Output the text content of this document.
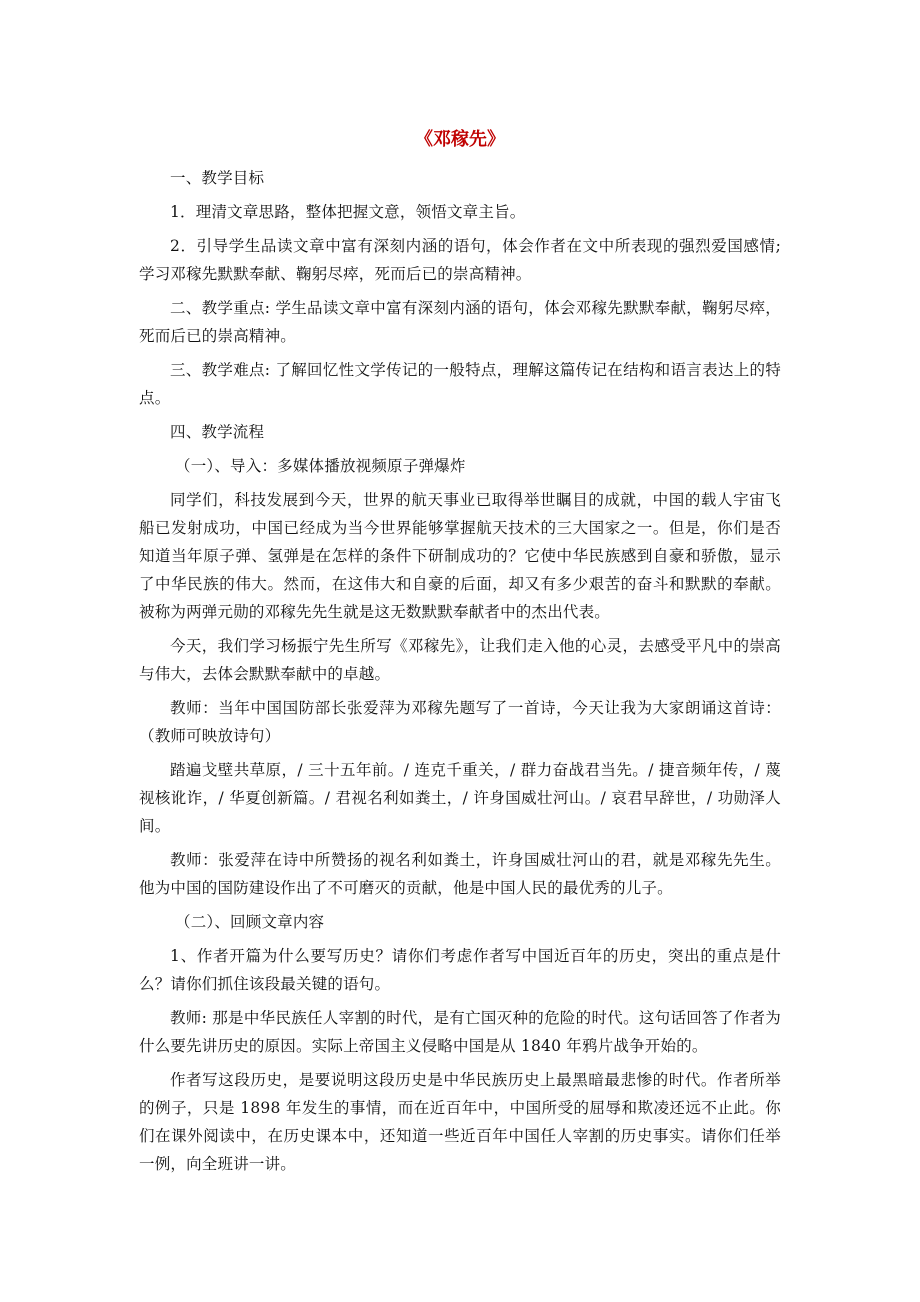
《邓稼先》

一、教学目标

1．理清文章思路，整体把握文意，领悟文章主旨。

2．引导学生品读文章中富有深刻内涵的语句，体会作者在文中所表现的强烈爱国感情;学习邓稼先默默奉献、鞠躬尽瘁，死而后已的崇高精神。

二、教学重点: 学生品读文章中富有深刻内涵的语句，体会邓稼先默默奉献，鞠躬尽瘁，死而后已的崇高精神。

三、教学难点: 了解回忆性文学传记的一般特点，理解这篇传记在结构和语言表达上的特点。

四、教学流程

（一）、导入：多媒体播放视频原子弹爆炸

同学们，科技发展到今天，世界的航天事业已取得举世瞩目的成就，中国的载人宇宙飞船已发射成功，中国已经成为当今世界能够掌握航天技术的三大国家之一。但是，你们是否知道当年原子弹、氢弹是在怎样的条件下研制成功的？它使中华民族感到自豪和骄傲，显示了中华民族的伟大。然而，在这伟大和自豪的后面，却又有多少艰苦的奋斗和默默的奉献。被称为两弹元勋的邓稼先先生就是这无数默默奉献者中的杰出代表。

今天，我们学习杨振宁先生所写《邓稼先》，让我们走入他的心灵，去感受平凡中的崇高与伟大，去体会默默奉献中的卓越。

教师：当年中国国防部长张爱萍为邓稼先题写了一首诗，今天让我为大家朗诵这首诗：（教师可映放诗句）

踏遍戈壁共草原，/ 三十五年前。/ 连克千重关，/ 群力奋战君当先。/ 捷音频年传，/ 蔑视核讹诈，/ 华夏创新篇。/ 君视名利如粪土，/ 许身国威壮河山。/ 哀君早辞世，/ 功勋泽人间。

教师：张爱萍在诗中所赞扬的视名利如粪土，许身国威壮河山的君，就是邓稼先先生。他为中国的国防建设作出了不可磨灭的贡献，他是中国人民的最优秀的儿子。

（二）、回顾文章内容

1、作者开篇为什么要写历史？请你们考虑作者写中国近百年的历史，突出的重点是什么？请你们抓住该段最关键的语句。

教师: 那是中华民族任人宰割的时代，是有亡国灭种的危险的时代。这句话回答了作者为什么要先讲历史的原因。实际上帝国主义侵略中国是从 1840 年鸦片战争开始的。

作者写这段历史，是要说明这段历史是中华民族历史上最黑暗最悲惨的时代。作者所举的例子，只是 1898 年发生的事情，而在近百年中，中国所受的屈辱和欺凌还远不止此。你们在课外阅读中，在历史课本中，还知道一些近百年中国任人宰割的历史事实。请你们任举一例，向全班讲一讲。
